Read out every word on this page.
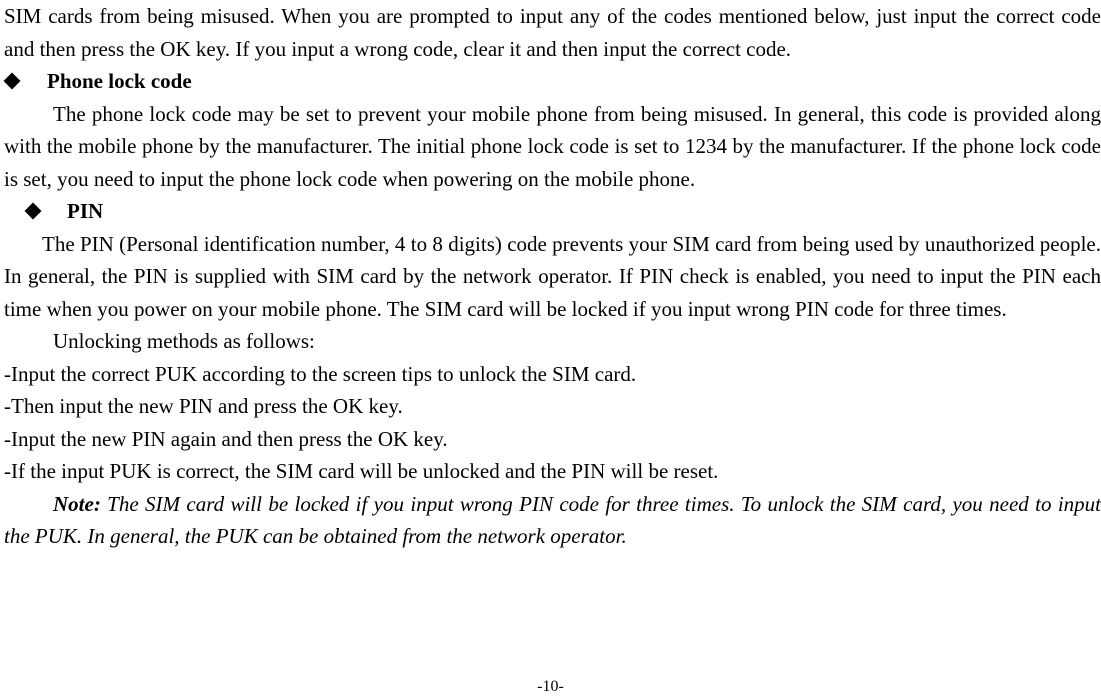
SIM cards from being misused. When you are prompted to input any of the codes mentioned below, just input the correct code and then press the OK key. If you input a wrong code, clear it and then input the correct code.

Phone lock code

The phone lock code may be set to prevent your mobile phone from being misused. In general, this code is provided along with the mobile phone by the manufacturer. The initial phone lock code is set to 1234 by the manufacturer. If the phone lock code is set, you need to input the phone lock code when powering on the mobile phone.

PIN

The PIN (Personal identification number, 4 to 8 digits) code prevents your SIM card from being used by unauthorized people. In general, the PIN is supplied with SIM card by the network operator. If PIN check is enabled, you need to input the PIN each time when you power on your mobile phone. The SIM card will be locked if you input wrong PIN code for three times.

Unlocking methods as follows:

-Input the correct PUK according to the screen tips to unlock the SIM card.

-Then input the new PIN and press the OK key.

-Input the new PIN again and then press the OK key.

-If the input PUK is correct, the SIM card will be unlocked and the PIN will be reset.

Note: The SIM card will be locked if you input wrong PIN code for three times. To unlock the SIM card, you need to input the PUK. In general, the PUK can be obtained from the network operator.

-10-
